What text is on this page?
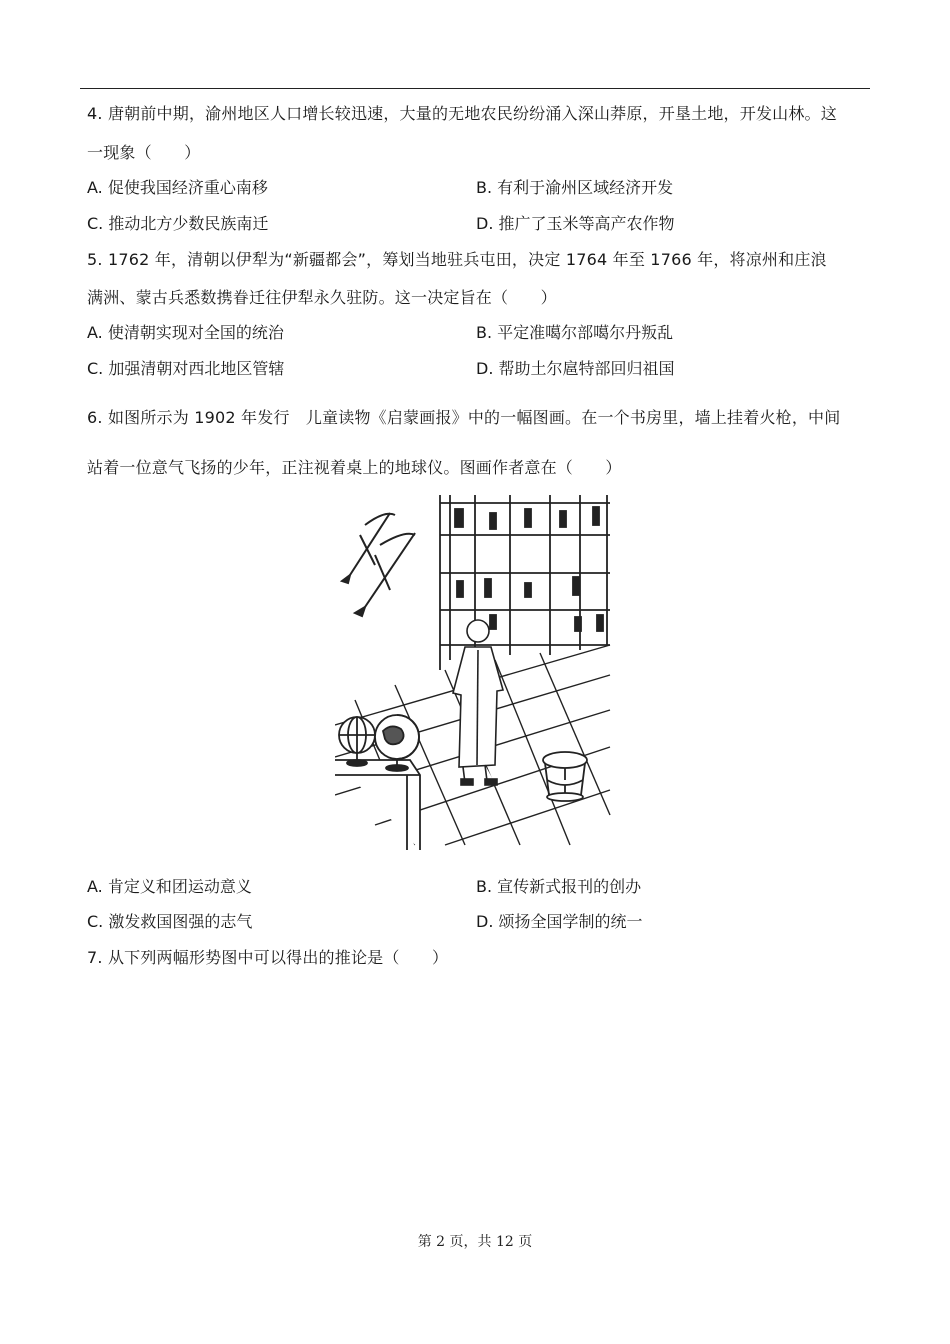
4. 唐朝前中期，渝州地区人口增长较迅速，大量的无地农民纷纷涌入深山莽原，开垦土地，开发山林。这
一现象（　　）
A. 促使我国经济重心南移	B. 有利于渝州区域经济开发
C. 推动北方少数民族南迁	D. 推广了玉米等高产农作物
5. 1762 年，清朝以伊犁为“新疆都会”，筹划当地驻兵屯田，决定 1764 年至 1766 年，将凉州和庄浪
满洲、蒙古兵悉数携眷迁往伊犁永久驻防。这一决定旨在（　　）
A. 使清朝实现对全国的统治	B. 平定准噶尔部噶尔丹叛乱
C. 加强清朝对西北地区管辖	D. 帮助土尔扈特部回归祖国
6. 如图所示为 1902 年发行　儿童读物《启蒙画报》中的一幅图画。在一个书房里，墙上挂着火枪，中间
站着一位意气飞扬的少年，正注视着桌上的地球仪。图画作者意在（　　）
A. 肯定义和团运动意义	B. 宣传新式报刊的创办
C. 激发救国图强的志气	D. 颂扬全国学制的统一
7. 从下列两幅形势图中可以得出的推论是（　　）
第 2 页，共 12 页
